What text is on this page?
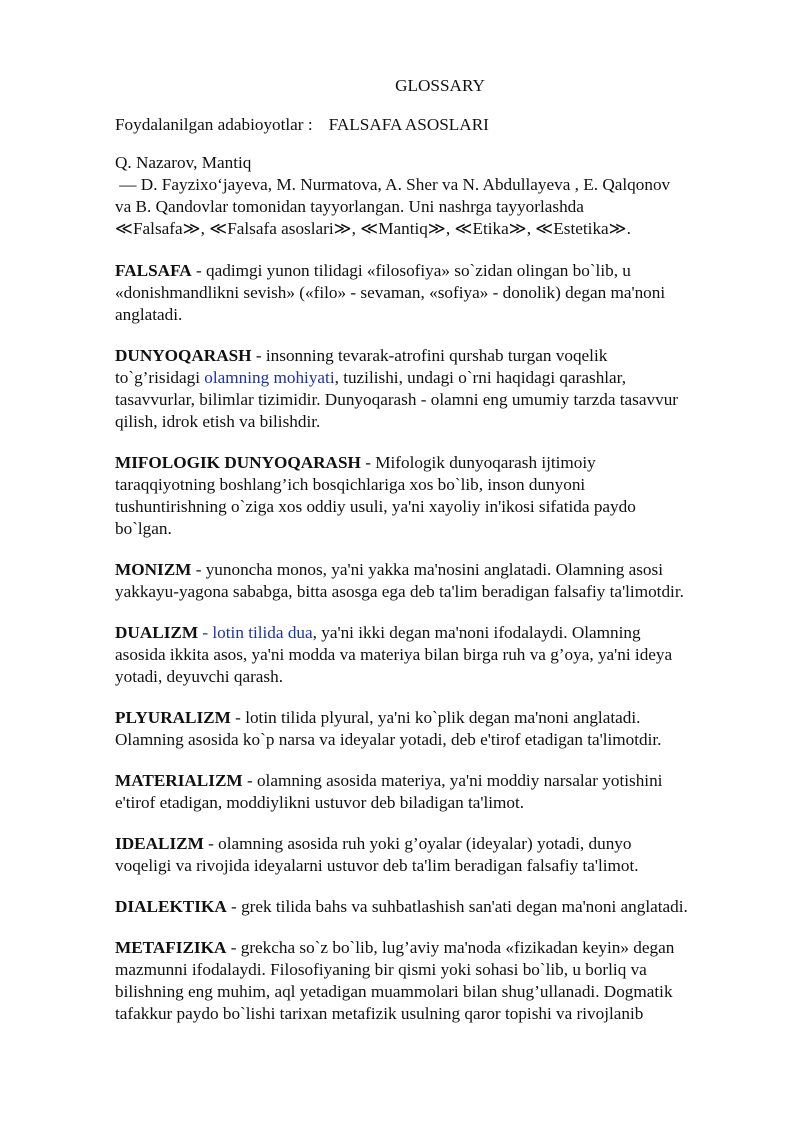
GLOSSARY
Foydalanilgan adabioyotlar : FALSAFA ASOSLARI
Q. Nazarov, Mantiq
— D. Fayzixo‘jayeva, M. Nurmatova, A. Sher va N. Abdullayeva , E. Qalqonov
va B. Qandovlar tomonidan tayyorlangan. Uni nashrga tayyorlashda
≪Falsafa≫, ≪Falsafa asoslari≫, ≪Mantiq≫, ≪Etika≫, ≪Estetika≫.
FALSAFA - qadimgi yunon tilidagi «filosofiya» so`zidan olingan bo`lib, u
«donishmandlikni sevish» («filo» - sevaman, «sofiya» - donolik) degan ma'noni
anglatadi.
DUNYOQARASH - insonning tevarak-atrofini qurshab turgan voqelik
to`g’risidagi olamning mohiyati, tuzilishi, undagi o`rni haqidagi qarashlar,
tasavvurlar, bilimlar tizimidir. Dunyoqarash - olamni eng umumiy tarzda tasavvur
qilish, idrok etish va bilishdir.
MIFOLOGIK DUNYOQARASH - Mifologik dunyoqarash ijtimoiy
taraqqiyotning boshlang’ich bosqichlariga xos bo`lib, inson dunyoni
tushuntirishning o`ziga xos oddiy usuli, ya'ni xayoliy in'ikosi sifatida paydo
bo`lgan.
MONIZM - yunoncha monos, ya'ni yakka ma'nosini anglatadi. Olamning asosi
yakkayu-yagona sababga, bitta asosga ega deb ta'lim beradigan falsafiy ta'limotdir.
DUALIZM - lotin tilida dua, ya'ni ikki degan ma'noni ifodalaydi. Olamning
asosida ikkita asos, ya'ni modda va materiya bilan birga ruh va g’oya, ya'ni ideya
yotadi, deyuvchi qarash.
PLYURALIZM - lotin tilida plyural, ya'ni ko`plik degan ma'noni anglatadi.
Olamning asosida ko`p narsa va ideyalar yotadi, deb e'tirof etadigan ta'limotdir.
MATERIALIZM - olamning asosida materiya, ya'ni moddiy narsalar yotishini
e'tirof etadigan, moddiylikni ustuvor deb biladigan ta'limot.
IDEALIZM - olamning asosida ruh yoki g’oyalar (ideyalar) yotadi, dunyo
voqeligi va rivojida ideyalarni ustuvor deb ta'lim beradigan falsafiy ta'limot.
DIALEKTIKA - grek tilida bahs va suhbatlashish san'ati degan ma'noni anglatadi.
METAFIZIKA - grekcha so`z bo`lib, lug’aviy ma'noda «fizikadan keyin» degan
mazmunni ifodalaydi. Filosofiyaning bir qismi yoki sohasi bo`lib, u borliq va
bilishning eng muhim, aql yetadigan muammolari bilan shug’ullanadi. Dogmatik
tafakkur paydo bo`lishi tarixan metafizik usulning qaror topishi va rivojlanib
